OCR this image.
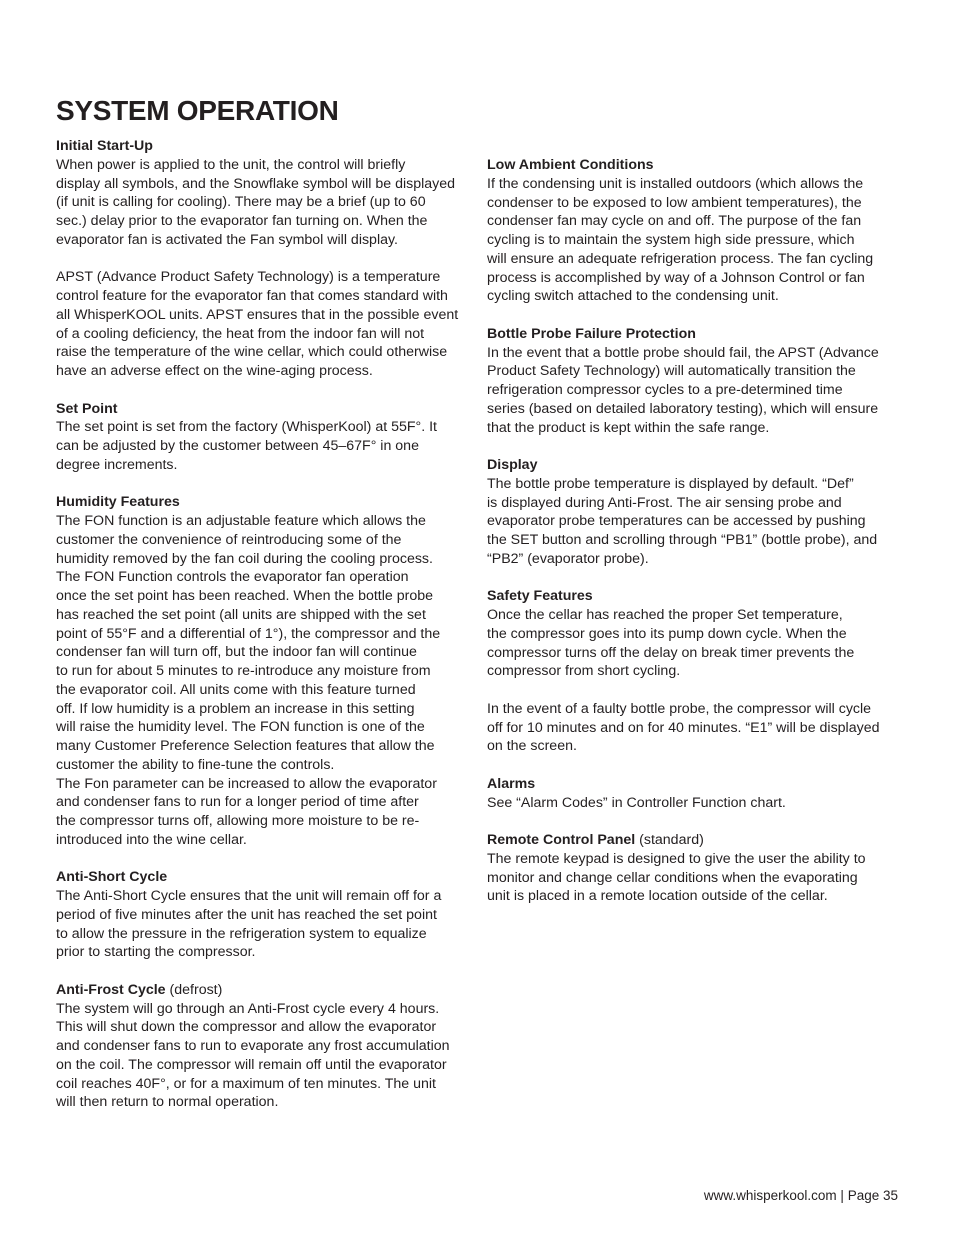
SYSTEM OPERATION
Initial Start-Up

When power is applied to the unit, the control will briefly
display all symbols, and the Snowflake symbol will be displayed
(if unit is calling for cooling). There may be a brief (up to 60
sec.) delay prior to the evaporator fan turning on. When the
evaporator fan is activated the Fan symbol will display.

APST (Advance Product Safety Technology) is a temperature
control feature for the evaporator fan that comes standard with
all WhisperKOOL units. APST ensures that in the possible event
of a cooling deficiency, the heat from the indoor fan will not
raise the temperature of the wine cellar, which could otherwise
have an adverse effect on the wine-aging process.

Set Point

The set point is set from the factory (WhisperKool) at 55F°. It
can be adjusted by the customer between 45–67F° in one
degree increments.

Humidity Features

The FON function is an adjustable feature which allows the
customer the convenience of reintroducing some of the
humidity removed by the fan coil during the cooling process.
The FON Function controls the evaporator fan operation
once the set point has been reached. When the bottle probe
has reached the set point (all units are shipped with the set
point of 55°F and a differential of 1°), the compressor and the
condenser fan will turn off, but the indoor fan will continue
to run for about 5 minutes to re-introduce any moisture from
the evaporator coil. All units come with this feature turned
off. If low humidity is a problem an increase in this setting
will raise the humidity level. The FON function is one of the
many Customer Preference Selection features that allow the
customer the ability to fine-tune the controls.
The Fon parameter can be increased to allow the evaporator
and condenser fans to run for a longer period of time after
the compressor turns off, allowing more moisture to be re-
introduced into the wine cellar.

Anti-Short Cycle

The Anti-Short Cycle ensures that the unit will remain off for a
period of five minutes after the unit has reached the set point
to allow the pressure in the refrigeration system to equalize
prior to starting the compressor.

Anti-Frost Cycle (defrost)

The system will go through an Anti-Frost cycle every 4 hours.
This will shut down the compressor and allow the evaporator
and condenser fans to run to evaporate any frost accumulation
on the coil. The compressor will remain off until the evaporator
coil reaches 40F°, or for a maximum of ten minutes. The unit
will then return to normal operation.

Low Ambient Conditions

If the condensing unit is installed outdoors (which allows the
condenser to be exposed to low ambient temperatures), the
condenser fan may cycle on and off. The purpose of the fan
cycling is to maintain the system high side pressure, which
will ensure an adequate refrigeration process. The fan cycling
process is accomplished by way of a Johnson Control or fan
cycling switch attached to the condensing unit.

Bottle Probe Failure Protection

In the event that a bottle probe should fail, the APST (Advance
Product Safety Technology) will automatically transition the
refrigeration compressor cycles to a pre-determined time
series (based on detailed laboratory testing), which will ensure
that the product is kept within the safe range.

Display

The bottle probe temperature is displayed by default. “Def”
is displayed during Anti-Frost. The air sensing probe and
evaporator probe temperatures can be accessed by pushing
the SET button and scrolling through “PB1” (bottle probe), and
“PB2” (evaporator probe).

Safety Features

Once the cellar has reached the proper Set temperature,
the compressor goes into its pump down cycle. When the
compressor turns off the delay on break timer prevents the
compressor from short cycling.

In the event of a faulty bottle probe, the compressor will cycle
off for 10 minutes and on for 40 minutes. “E1” will be displayed
on the screen.

Alarms

See “Alarm Codes” in Controller Function chart.

Remote Control Panel (standard)

The remote keypad is designed to give the user the ability to
monitor and change cellar conditions when the evaporating
unit is placed in a remote location outside of the cellar.

www.whisperkool.com | Page 35
